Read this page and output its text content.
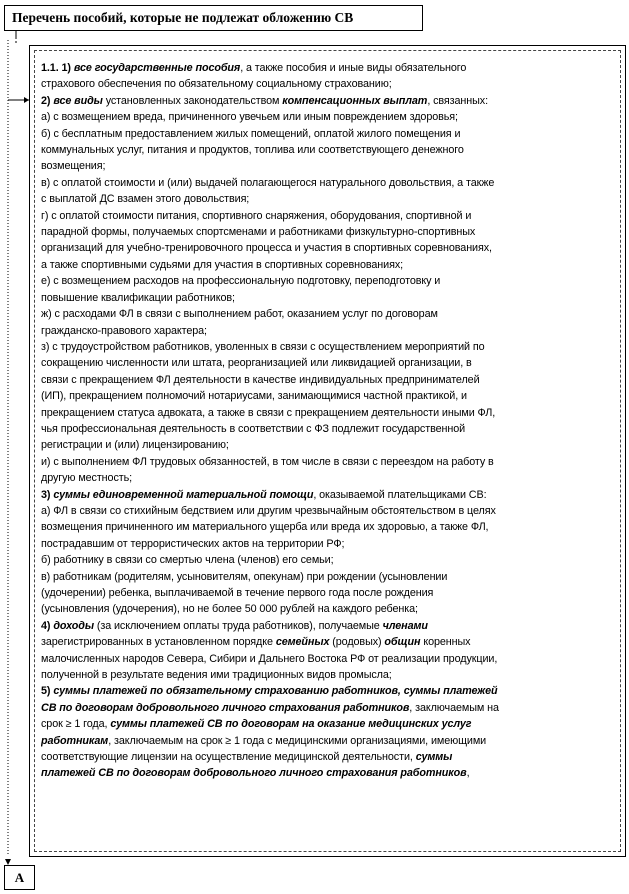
Перечень пособий, которые не подлежат обложению СВ
1.1. 1) все государственные пособия, а также пособия и иные виды обязательного
страхового обеспечения по обязательному социальному страхованию;
2) все виды установленных законодательством компенсационных выплат, связанных:
а) с возмещением вреда, причиненного увечьем или иным повреждением здоровья;
б) с бесплатным предоставлением жилых помещений, оплатой жилого помещения и
коммунальных услуг, питания и продуктов, топлива или соответствующего денежного
возмещения;
в) с оплатой стоимости и (или) выдачей полагающегося натурального довольствия, а также
с выплатой ДС взамен этого довольствия;
г) с оплатой стоимости питания, спортивного снаряжения, оборудования, спортивной и
парадной формы, получаемых спортсменами и работниками физкультурно-спортивных
организаций для учебно-тренировочного процесса и участия в спортивных соревнованиях,
а также спортивными судьями для участия в спортивных соревнованиях;
е) с возмещением расходов на профессиональную подготовку, переподготовку и
повышение квалификации работников;
ж) с расходами ФЛ в связи с выполнением работ, оказанием услуг по договорам
гражданско-правового характера;
з) с трудоустройством работников, уволенных в связи с осуществлением мероприятий по
сокращению численности или штата, реорганизацией или ликвидацией организации, в
связи с прекращением ФЛ деятельности в качестве индивидуальных предпринимателей
(ИП), прекращением полномочий нотариусами, занимающимися частной практикой, и
прекращением статуса адвоката, а также в связи с прекращением деятельности иными ФЛ,
чья профессиональная деятельность в соответствии с ФЗ подлежит государственной
регистрации и (или) лицензированию;
и) с выполнением ФЛ трудовых обязанностей, в том числе в связи с переездом на работу в
другую местность;
3) суммы единовременной материальной помощи, оказываемой плательщиками СВ:
а) ФЛ в связи со стихийным бедствием или другим чрезвычайным обстоятельством в целях
возмещения причиненного им материального ущерба или вреда их здоровью, а также ФЛ,
пострадавшим от террористических актов на территории РФ;
б) работнику в связи со смертью члена (членов) его семьи;
в) работникам (родителям, усыновителям, опекунам) при рождении (усыновлении
(удочерении) ребенка, выплачиваемой в течение первого года после рождения
(усыновления (удочерения), но не более 50 000 рублей на каждого ребенка;
4) доходы (за исключением оплаты труда работников), получаемые членами
зарегистрированных в установленном порядке семейных (родовых) общин коренных
малочисленных народов Севера, Сибири и Дальнего Востока РФ от реализации продукции,
полученной в результате ведения ими традиционных видов промысла;
5) суммы платежей по обязательному страхованию работников, суммы платежей
СВ по договорам добровольного личного страхования работников, заключаемым на
срок ≥ 1 года, суммы платежей СВ по договорам на оказание медицинских услуг
работникам, заключаемым на срок ≥ 1 года с медицинскими организациями, имеющими
соответствующие лицензии на осуществление медицинской деятельности, суммы
платежей СВ по договорам добровольного личного страхования работников,
А
